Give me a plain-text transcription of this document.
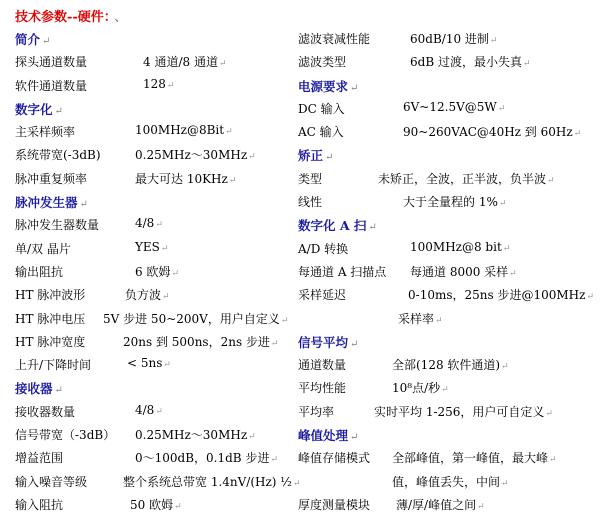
技术参数--硬件： 、
简介 ↵
探头通道数量	4 通道/8 通道↵
软件通道数量	128↵
数字化 ↵
主采样频率	100MHz@8Bit↵
系统带宽(-3dB)	0.25MHz～30MHz↵
脉冲重复频率	最大可达 10KHz↵
脉冲发生器 ↵
脉冲发生器数量	4/8↵
单/双 晶片	YES↵
输出阻抗	6 欧姆↵
HT 脉冲波形	负方波↵
HT 脉冲电压 5V 步进 50~200V，用户自定义↵
HT 脉冲宽度	20ns 到 500ns，2ns 步进↵
上升/下降时间	< 5ns↵
接收器 ↵
接收器数量	4/8↵
信号带宽（-3dB） 0.25MHz～30MHz↵
增益范围	0～100dB，0.1dB 步进↵
输入噪音等级	整个系统总带宽 1.4nV/(Hz) ½↵
输入阻抗	50 欧姆↵
滤波衰减性能	60dB/10 进制↵
滤波类型	6dB 过渡，最小失真↵
电源要求 ↵
DC 输入	6V~12.5V@5W↵
AC 输入	90~260VAC@40Hz 到 60Hz↵
矫正 ↵
类型	未矫正，全波，正半波，负半波↵
线性	大于全量程的 1%↵
数字化 A 扫 ↵
A/D 转换	100MHz@8 bit↵
每通道 A 扫描点 每通道 8000 采样↵
采样延迟	0-10ms，25ns 步进@100MHz↵
采样率↵
信号平均 ↵
通道数量	全部(128 软件通道)↵
平均性能	10⁸点/秒↵
平均率	实时平均 1-256，用户可自定义↵
峰值处理 ↵
峰值存储模式 全部峰值，第一峰值，最大峰↵
值，峰值丢失，中间↵
厚度测量模块 薄/厚/峰值之间↵
